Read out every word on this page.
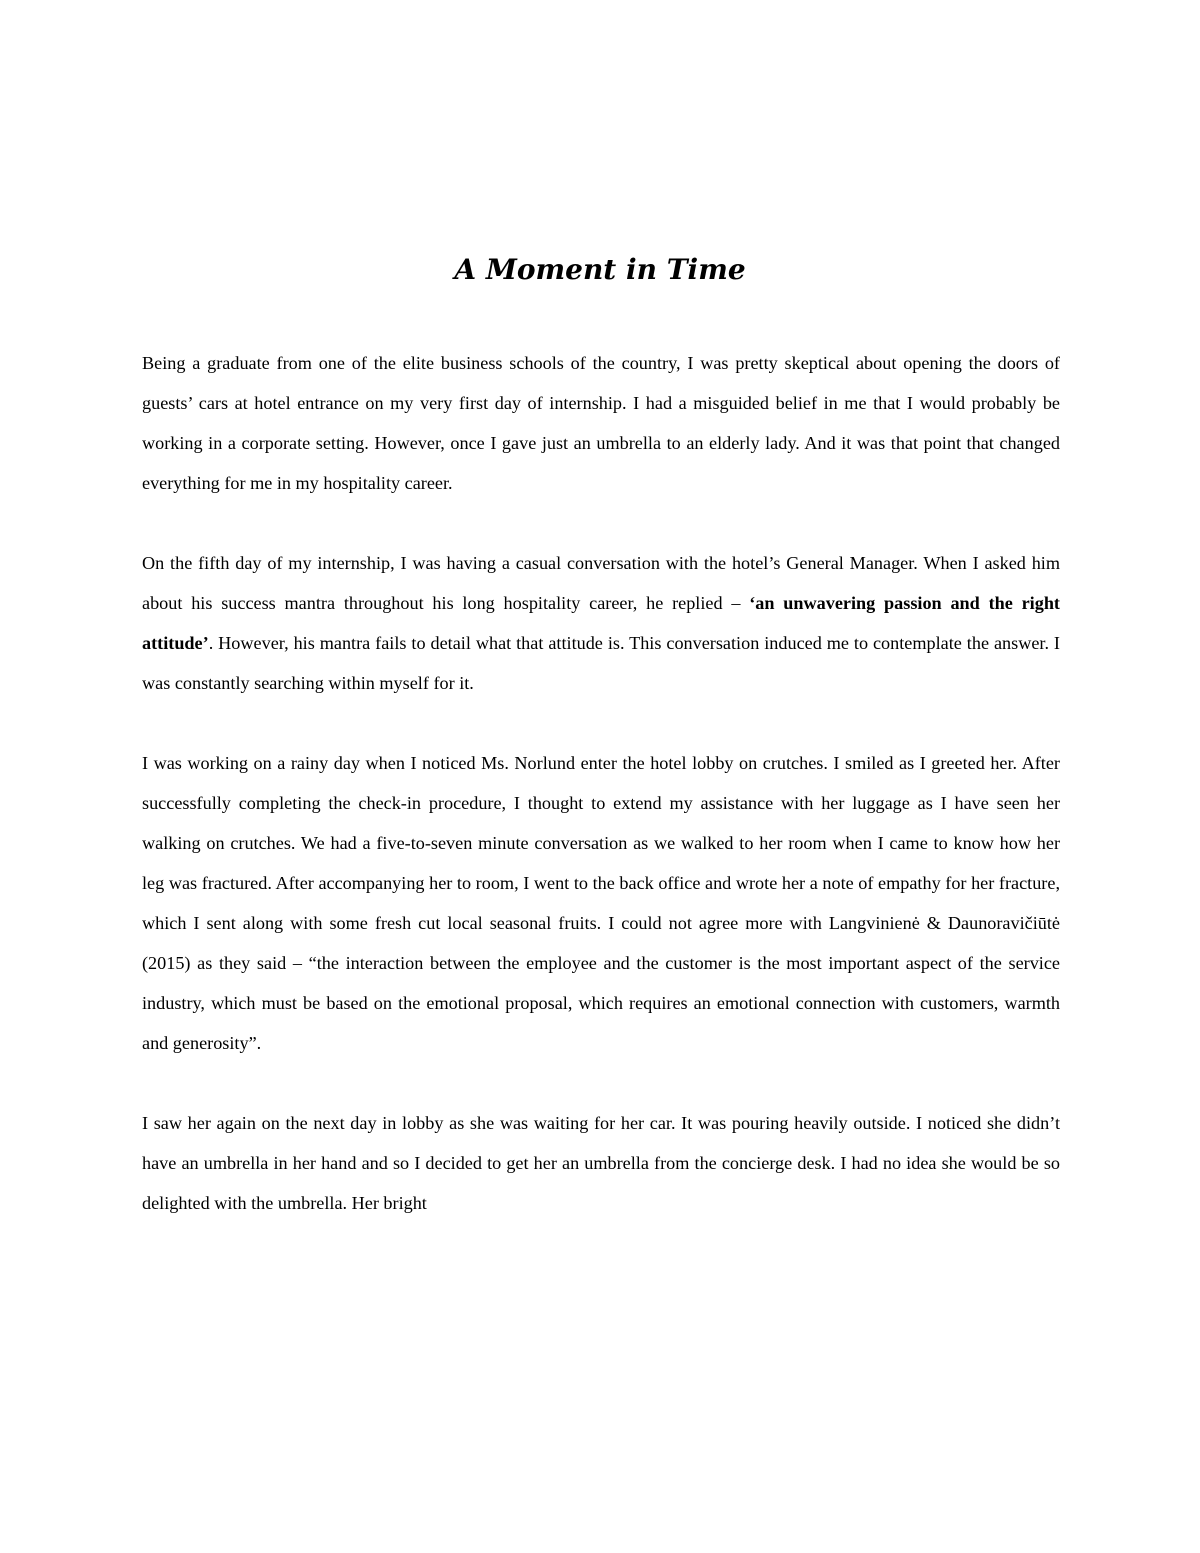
A Moment in Time

Being a graduate from one of the elite business schools of the country, I was pretty skeptical about opening the doors of guests’ cars at hotel entrance on my very first day of internship. I had a misguided belief in me that I would probably be working in a corporate setting. However, once I gave just an umbrella to an elderly lady. And it was that point that changed everything for me in my hospitality career.

On the fifth day of my internship, I was having a casual conversation with the hotel’s General Manager. When I asked him about his success mantra throughout his long hospitality career, he replied – ‘an unwavering passion and the right attitude’. However, his mantra fails to detail what that attitude is. This conversation induced me to contemplate the answer. I was constantly searching within myself for it.

I was working on a rainy day when I noticed Ms. Norlund enter the hotel lobby on crutches. I smiled as I greeted her. After successfully completing the check-in procedure, I thought to extend my assistance with her luggage as I have seen her walking on crutches. We had a five-to-seven minute conversation as we walked to her room when I came to know how her leg was fractured. After accompanying her to room, I went to the back office and wrote her a note of empathy for her fracture, which I sent along with some fresh cut local seasonal fruits. I could not agree more with Langvinienė & Daunoravičiūtė (2015) as they said – “the interaction between the employee and the customer is the most important aspect of the service industry, which must be based on the emotional proposal, which requires an emotional connection with customers, warmth and generosity”.

I saw her again on the next day in lobby as she was waiting for her car. It was pouring heavily outside. I noticed she didn’t have an umbrella in her hand and so I decided to get her an umbrella from the concierge desk. I had no idea she would be so delighted with the umbrella. Her bright
